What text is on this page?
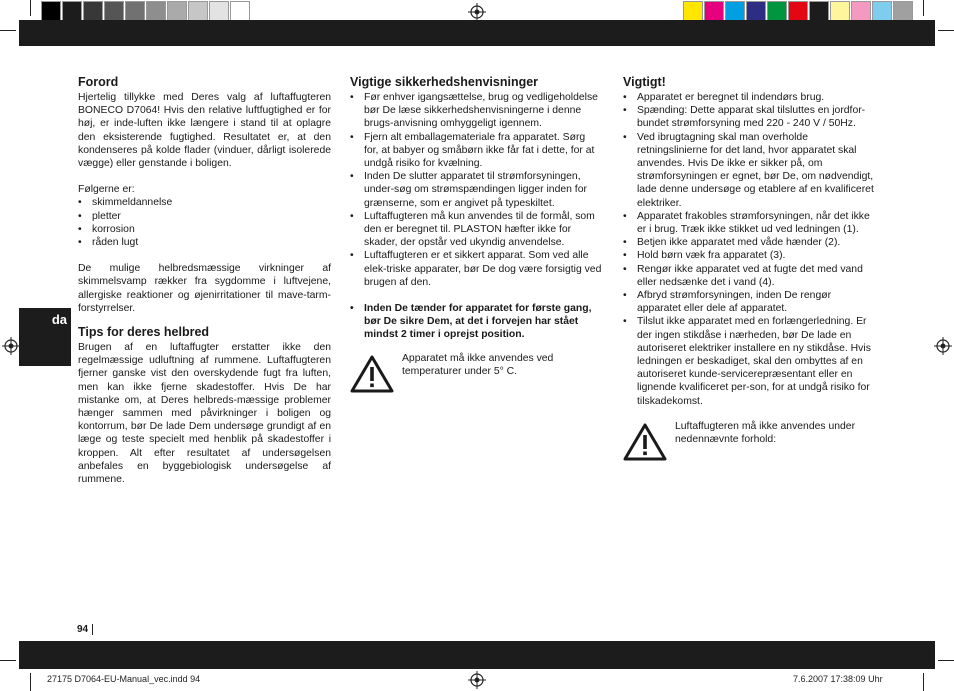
da
94
Forord

Hjertelig tillykke med Deres valg af luftaffugteren BONECO D7064! Hvis den relative luftfugtighed er for høj, er inde-luften ikke længere i stand til at oplagre den eksisterende fugtighed. Resultatet er, at den kondenseres på kolde flader (vinduer, dårligt isolerede vægge) eller genstande i boligen.

Følgerne er:

• skimmeldannelse
• pletter
• korrosion
• råden lugt

De mulige helbredsmæssige virkninger af skimmelsvamp rækker fra sygdomme i luftvejene, allergiske reaktioner og øjenirritationer til mave-tarm-forstyrrelser.

Tips for deres helbred

Brugen af en luftaffugter erstatter ikke den regelmæssige udluftning af rummene. Luftaffugteren fjerner ganske vist den overskydende fugt fra luften, men kan ikke fjerne skadestoffer. Hvis De har mistanke om, at Deres helbreds-mæssige problemer hænger sammen med påvirkninger i boligen og kontorrum, bør De lade Dem undersøge grundigt af en læge og teste specielt med henblik på skadestoffer i kroppen. Alt efter resultatet af undersøgelsen anbefales en byggebiologisk undersøgelse af rummene.

Vigtige sikkerhedshenvisninger
• Før enhver igangsættelse, brug og vedligeholdelse bør De læse sikkerhedshenvisningerne i denne brugs-anvisning omhyggeligt igennem.
• Fjern alt emballagemateriale fra apparatet. Sørg for, at babyer og småbørn ikke får fat i dette, for at undgå risiko for kvælning.
• Inden De slutter apparatet til strømforsyningen, under-søg om strømspændingen ligger inden for grænserne, som er angivet på typeskiltet.
• Luftaffugteren må kun anvendes til de formål, som den er beregnet til. PLASTON hæfter ikke for skader, der opstår ved ukyndig anvendelse.
• Luftaffugteren er et sikkert apparat. Som ved alle elek-triske apparater, bør De dog være forsigtig ved brugen af den.
• Inden De tænder for apparatet for første gang, bør De sikre Dem, at det i forvejen har stået mindst 2 timer i oprejst position.
Apparatet må ikke anvendes ved temperaturer under 5° C.
Vigtigt!
• Apparatet er beregnet til indendørs brug.
• Spænding: Dette apparat skal tilsluttes en jordfor-bundet strømforsyning med 220 - 240 V / 50Hz.
• Ved ibrugtagning skal man overholde retningslinierne for det land, hvor apparatet skal anvendes. Hvis De ikke er sikker på, om strømforsyningen er egnet, bør De, om nødvendigt, lade denne undersøge og etablere af en kvalificeret elektriker.
• Apparatet frakobles strømforsyningen, når det ikke er i brug. Træk ikke stikket ud ved ledningen (1).
• Betjen ikke apparatet med våde hænder (2).
• Hold børn væk fra apparatet (3).
• Rengør ikke apparatet ved at fugte det med vand eller nedsænke det i vand (4).
• Afbryd strømforsyningen, inden De rengør apparatet eller dele af apparatet.
• Tilslut ikke apparatet med en forlængerledning. Er der ingen stikdåse i nærheden, bør De lade en autoriseret elektriker installere en ny stikdåse. Hvis ledningen er beskadiget, skal den ombyttes af en autoriseret kunde-servicerepræsentant eller en lignende kvalificeret per-son, for at undgå risiko for tilskadekomst.
Luftaffugteren må ikke anvendes under nedennævnte forhold:
27175 D7064-EU-Manual_vec.indd 94	7.6.2007 17:38:09 Uhr
